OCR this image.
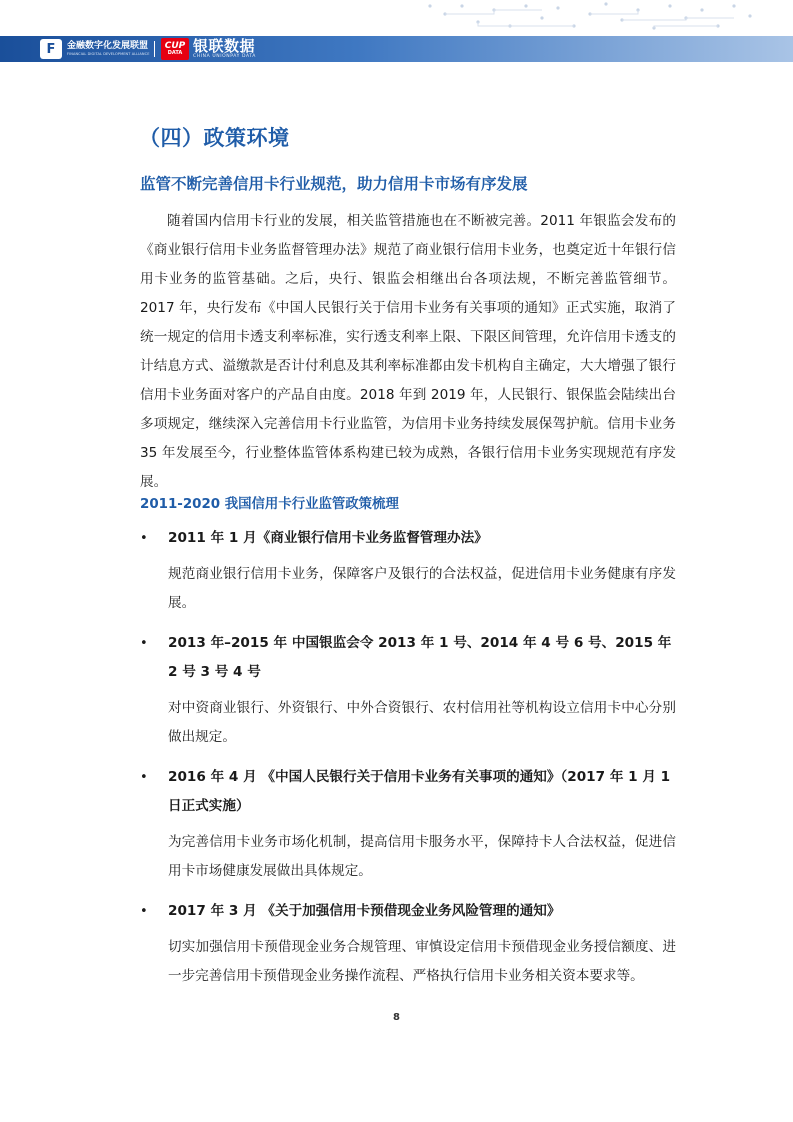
F	金融数字化发展联盟
FINANCIAL DIGITAL DEVELOPMENT ALLIANCE
CUP
DATA 银联数据
CHINA UNIONPAY DATA
（四）政策环境
监管不断完善信用卡行业规范，助力信用卡市场有序发展

随着国内信用卡行业的发展，相关监管措施也在不断被完善。2011 年银监会发布的《商业银行信用卡业务监督管理办法》规范了商业银行信用卡业务，也奠定近十年银行信用卡业务的监管基础。之后，央行、银监会相继出台各项法规，不断完善监管细节。2017 年，央行发布《中国人民银行关于信用卡业务有关事项的通知》正式实施，取消了统一规定的信用卡透支利率标准，实行透支利率上限、下限区间管理，允许信用卡透支的计结息方式、溢缴款是否计付利息及其利率标准都由发卡机构自主确定，大大增强了银行信用卡业务面对客户的产品自由度。2018 年到 2019 年，人民银行、银保监会陆续出台多项规定，继续深入完善信用卡行业监管，为信用卡业务持续发展保驾护航。信用卡业务 35 年发展至今，行业整体监管体系构建已较为成熟，各银行信用卡业务实现规范有序发展。

2011-2020 我国信用卡行业监管政策梳理
• 2011 年 1 月《商业银行信用卡业务监督管理办法》

规范商业银行信用卡业务，保障客户及银行的合法权益，促进信用卡业务健康有序发展。

• 2013 年–2015 年 中国银监会令 2013 年 1 号、2014 年 4 号 6 号、2015 年 2 号 3 号 4 号

对中资商业银行、外资银行、中外合资银行、农村信用社等机构设立信用卡中心分别做出规定。

• 2016 年 4 月 《中国人民银行关于信用卡业务有关事项的通知》（2017 年 1 月 1 日正式实施）

为完善信用卡业务市场化机制，提高信用卡服务水平，保障持卡人合法权益，促进信用卡市场健康发展做出具体规定。

• 2017 年 3 月 《关于加强信用卡预借现金业务风险管理的通知》

切实加强信用卡预借现金业务合规管理、审慎设定信用卡预借现金业务授信额度、进一步完善信用卡预借现金业务操作流程、严格执行信用卡业务相关资本要求等。

8
